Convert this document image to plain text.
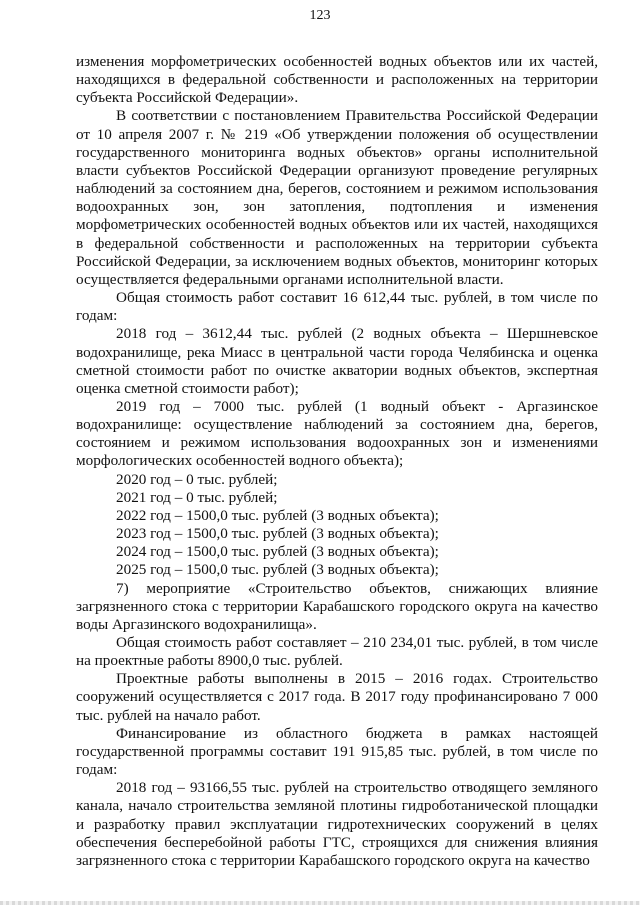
123

изменения морфометрических особенностей водных объектов или их частей, находящихся в федеральной собственности и расположенных на территории субъекта Российской Федерации».

В соответствии с постановлением Правительства Российской Федерации от 10 апреля 2007 г. № 219 «Об утверждении положения об осуществлении государственного мониторинга водных объектов» органы исполнительной власти субъектов Российской Федерации организуют проведение регулярных наблюдений за состоянием дна, берегов, состоянием и режимом использования водоохранных зон, зон затопления, подтопления и изменения морфометрических особенностей водных объектов или их частей, находящихся в федеральной собственности и расположенных на территории субъекта Российской Федерации, за исключением водных объектов, мониторинг которых осуществляется федеральными органами исполнительной власти.

Общая стоимость работ составит 16 612,44 тыс. рублей, в том числе по годам:

2018 год – 3612,44 тыс. рублей (2 водных объекта – Шершневское водохранилище, река Миасс в центральной части города Челябинска и оценка сметной стоимости работ по очистке акватории водных объектов, экспертная оценка сметной стоимости работ);

2019 год – 7000 тыс. рублей (1 водный объект - Аргазинское водохранилище: осуществление наблюдений за состоянием дна, берегов, состоянием и режимом использования водоохранных зон и изменениями морфологических особенностей водного объекта);

2020 год – 0 тыс. рублей;

2021 год – 0 тыс. рублей;

2022 год – 1500,0 тыс. рублей (3 водных объекта);

2023 год – 1500,0 тыс. рублей (3 водных объекта);

2024 год – 1500,0 тыс. рублей (3 водных объекта);

2025 год – 1500,0 тыс. рублей (3 водных объекта);

7) мероприятие «Строительство объектов, снижающих влияние загрязненного стока с территории Карабашского городского округа на качество воды Аргазинского водохранилища».

Общая стоимость работ составляет – 210 234,01 тыс. рублей, в том числе на проектные работы 8900,0 тыс. рублей.

Проектные работы выполнены в 2015 – 2016 годах. Строительство сооружений осуществляется с 2017 года. В 2017 году профинансировано 7 000 тыс. рублей на начало работ.

Финансирование из областного бюджета в рамках настоящей государственной программы составит 191 915,85 тыс. рублей, в том числе по годам:

2018 год – 93166,55 тыс. рублей на строительство отводящего земляного канала, начало строительства земляной плотины гидроботанической площадки и разработку правил эксплуатации гидротехнических сооружений в целях обеспечения бесперебойной работы ГТС, строящихся для снижения влияния загрязненного стока с территории Карабашского городского округа на качество
